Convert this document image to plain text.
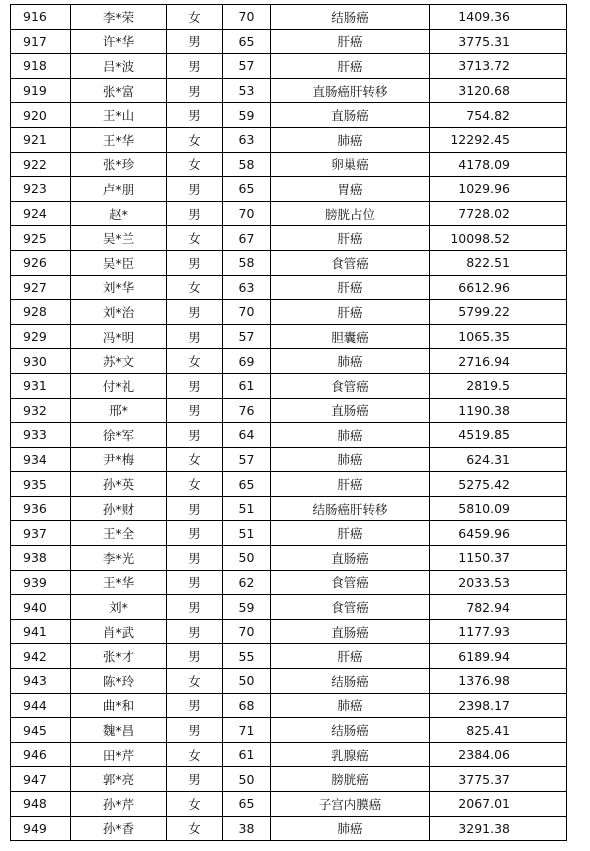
916	李*荣	女	70	结肠癌	1409.36
917	许*华	男	65	肝癌	3775.31
918	吕*波	男	57	肝癌	3713.72
919	张*富	男	53	直肠癌肝转移	3120.68
920	王*山	男	59	直肠癌	754.82
921	王*华	女	63	肺癌	12292.45
922	张*珍	女	58	卵巢癌	4178.09
923	卢*朋	男	65	胃癌	1029.96
924	赵*	男	70	膀胱占位	7728.02
925	吴*兰	女	67	肝癌	10098.52
926	吴*臣	男	58	食管癌	822.51
927	刘*华	女	63	肝癌	6612.96
928	刘*治	男	70	肝癌	5799.22
929	冯*明	男	57	胆囊癌	1065.35
930	苏*文	女	69	肺癌	2716.94
931	付*礼	男	61	食管癌	2819.5
932	邢*	男	76	直肠癌	1190.38
933	徐*军	男	64	肺癌	4519.85
934	尹*梅	女	57	肺癌	624.31
935	孙*英	女	65	肝癌	5275.42
936	孙*财	男	51	结肠癌肝转移	5810.09
937	王*全	男	51	肝癌	6459.96
938	李*光	男	50	直肠癌	1150.37
939	王*华	男	62	食管癌	2033.53
940	刘*	男	59	食管癌	782.94
941	肖*武	男	70	直肠癌	1177.93
942	张*才	男	55	肝癌	6189.94
943	陈*玲	女	50	结肠癌	1376.98
944	曲*和	男	68	肺癌	2398.17
945	魏*昌	男	71	结肠癌	825.41
946	田*芹	女	61	乳腺癌	2384.06
947	郭*亮	男	50	膀胱癌	3775.37
948	孙*芹	女	65	子宫内膜癌	2067.01
949	孙*香	女	38	肺癌	3291.38
